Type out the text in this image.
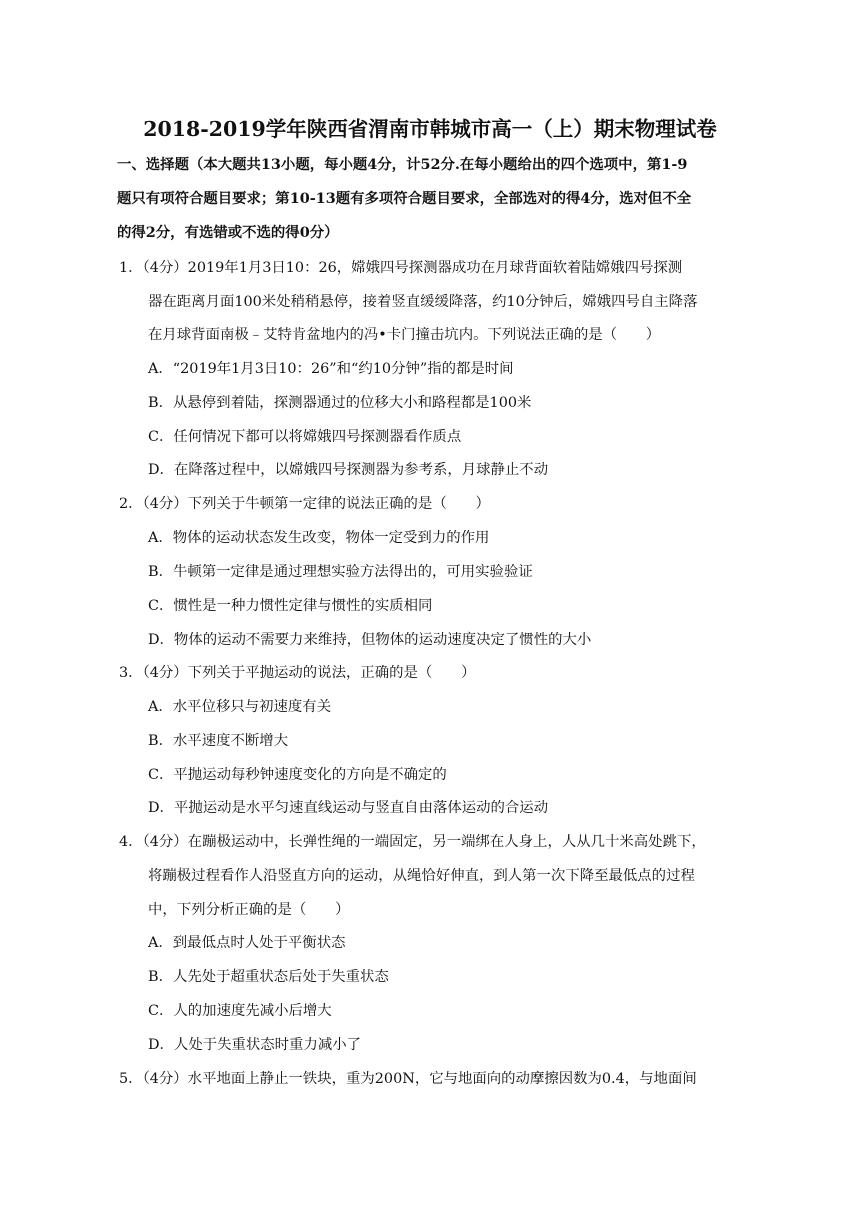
2018-2019学年陕西省渭南市韩城市高一（上）期末物理试卷
一、选择题（本大题共13小题，每小题4分，计52分.在每小题给出的四个选项中，第1-9
题只有项符合题目要求；第10-13题有多项符合题目要求，全部选对的得4分，选对但不全
的得2分，有选错或不选的得0分）
1．（4分）2019年1月3日10：26，嫦娥四号探测器成功在月球背面软着陆嫦娥四号探测
器在距离月面100米处稍稍悬停，接着竖直缓缓降落，约10分钟后，嫦娥四号自主降落
在月球背面南极﹣艾特肯盆地内的冯•卡门撞击坑内。下列说法正确的是（　　）
A．“2019年1月3日10：26”和“约10分钟”指的都是时间
B．从悬停到着陆，探测器通过的位移大小和路程都是100米
C．任何情况下都可以将嫦娥四号探测器看作质点
D．在降落过程中，以嫦娥四号探测器为参考系，月球静止不动
2．（4分）下列关于牛顿第一定律的说法正确的是（　　）
A．物体的运动状态发生改变，物体一定受到力的作用
B．牛顿第一定律是通过理想实验方法得出的，可用实验验证
C．惯性是一种力惯性定律与惯性的实质相同
D．物体的运动不需要力来维持，但物体的运动速度决定了惯性的大小
3．（4分）下列关于平抛运动的说法，正确的是（　　）
A．水平位移只与初速度有关
B．水平速度不断增大
C．平抛运动每秒钟速度变化的方向是不确定的
D．平抛运动是水平匀速直线运动与竖直自由落体运动的合运动
4．（4分）在蹦极运动中，长弹性绳的一端固定，另一端绑在人身上，人从几十米高处跳下，
将蹦极过程看作人沿竖直方向的运动，从绳恰好伸直，到人第一次下降至最低点的过程
中，下列分析正确的是（　　）
A．到最低点时人处于平衡状态
B．人先处于超重状态后处于失重状态
C．人的加速度先减小后增大
D．人处于失重状态时重力减小了
5．（4分）水平地面上静止一铁块，重为200N，它与地面向的动摩擦因数为0.4，与地面间
